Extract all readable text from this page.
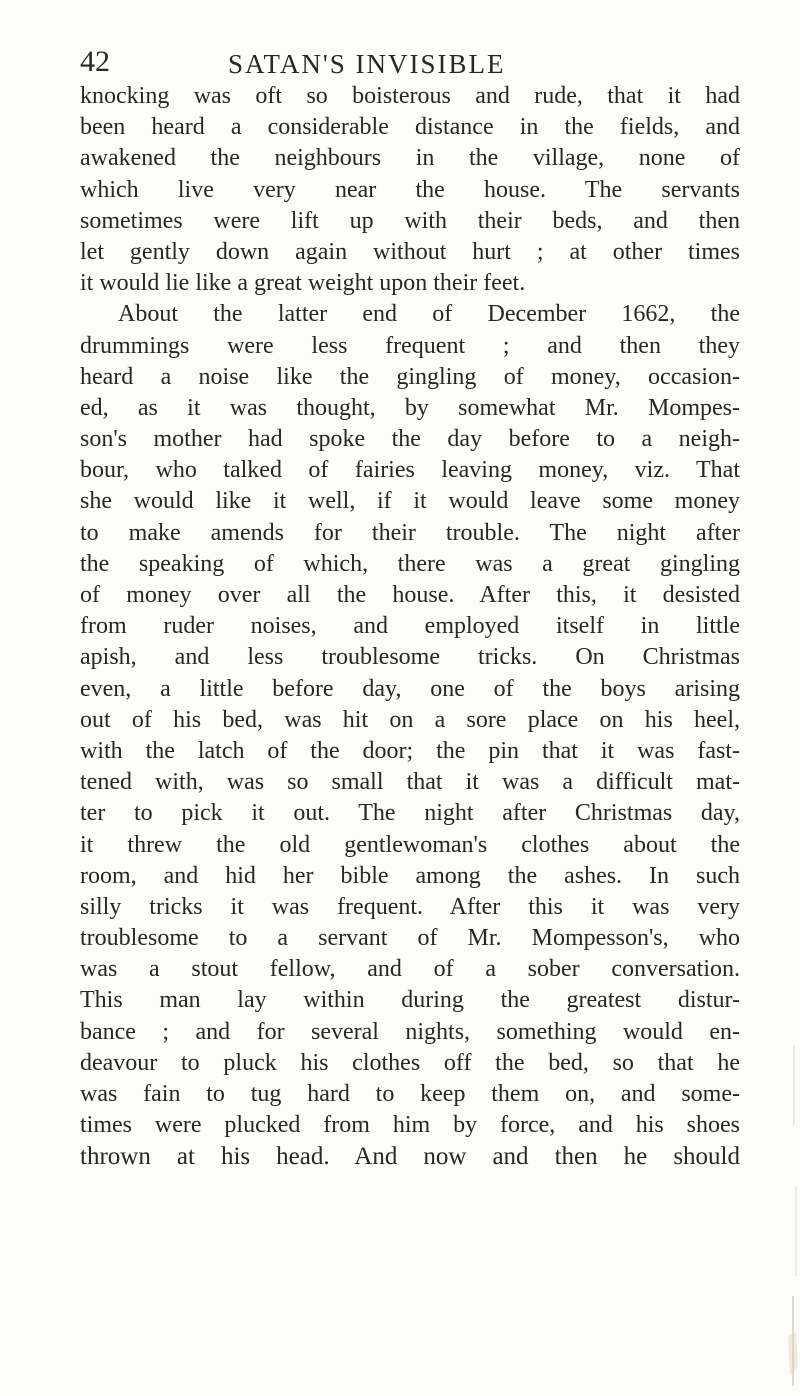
42	SATAN'S INVISIBLE
knocking was oft so boisterous and rude, that it had
been heard a considerable distance in the fields, and
awakened the neighbours in the village, none of
which live very near the house. The servants
sometimes were lift up with their beds, and then
let gently down again without hurt ; at other times
it would lie like a great weight upon their feet.
About the latter end of December 1662, the
drummings were less frequent ; and then they
heard a noise like the gingling of money, occasion-
ed, as it was thought, by somewhat Mr. Mompes-
son's mother had spoke the day before to a neigh-
bour, who talked of fairies leaving money, viz. That
she would like it well, if it would leave some money
to make amends for their trouble. The night after
the speaking of which, there was a great gingling
of money over all the house. After this, it desisted
from ruder noises, and employed itself in little
apish, and less troublesome tricks. On Christmas
even, a little before day, one of the boys arising
out of his bed, was hit on a sore place on his heel,
with the latch of the door; the pin that it was fast-
tened with, was so small that it was a difficult mat-
ter to pick it out. The night after Christmas day,
it threw the old gentlewoman's clothes about the
room, and hid her bible among the ashes. In such
silly tricks it was frequent. After this it was very
troublesome to a servant of Mr. Mompesson's, who
was a stout fellow, and of a sober conversation.
This man lay within during the greatest distur-
bance ; and for several nights, something would en-
deavour to pluck his clothes off the bed, so that he
was fain to tug hard to keep them on, and some-
times were plucked from him by force, and his shoes
thrown at his head. And now and then he should
